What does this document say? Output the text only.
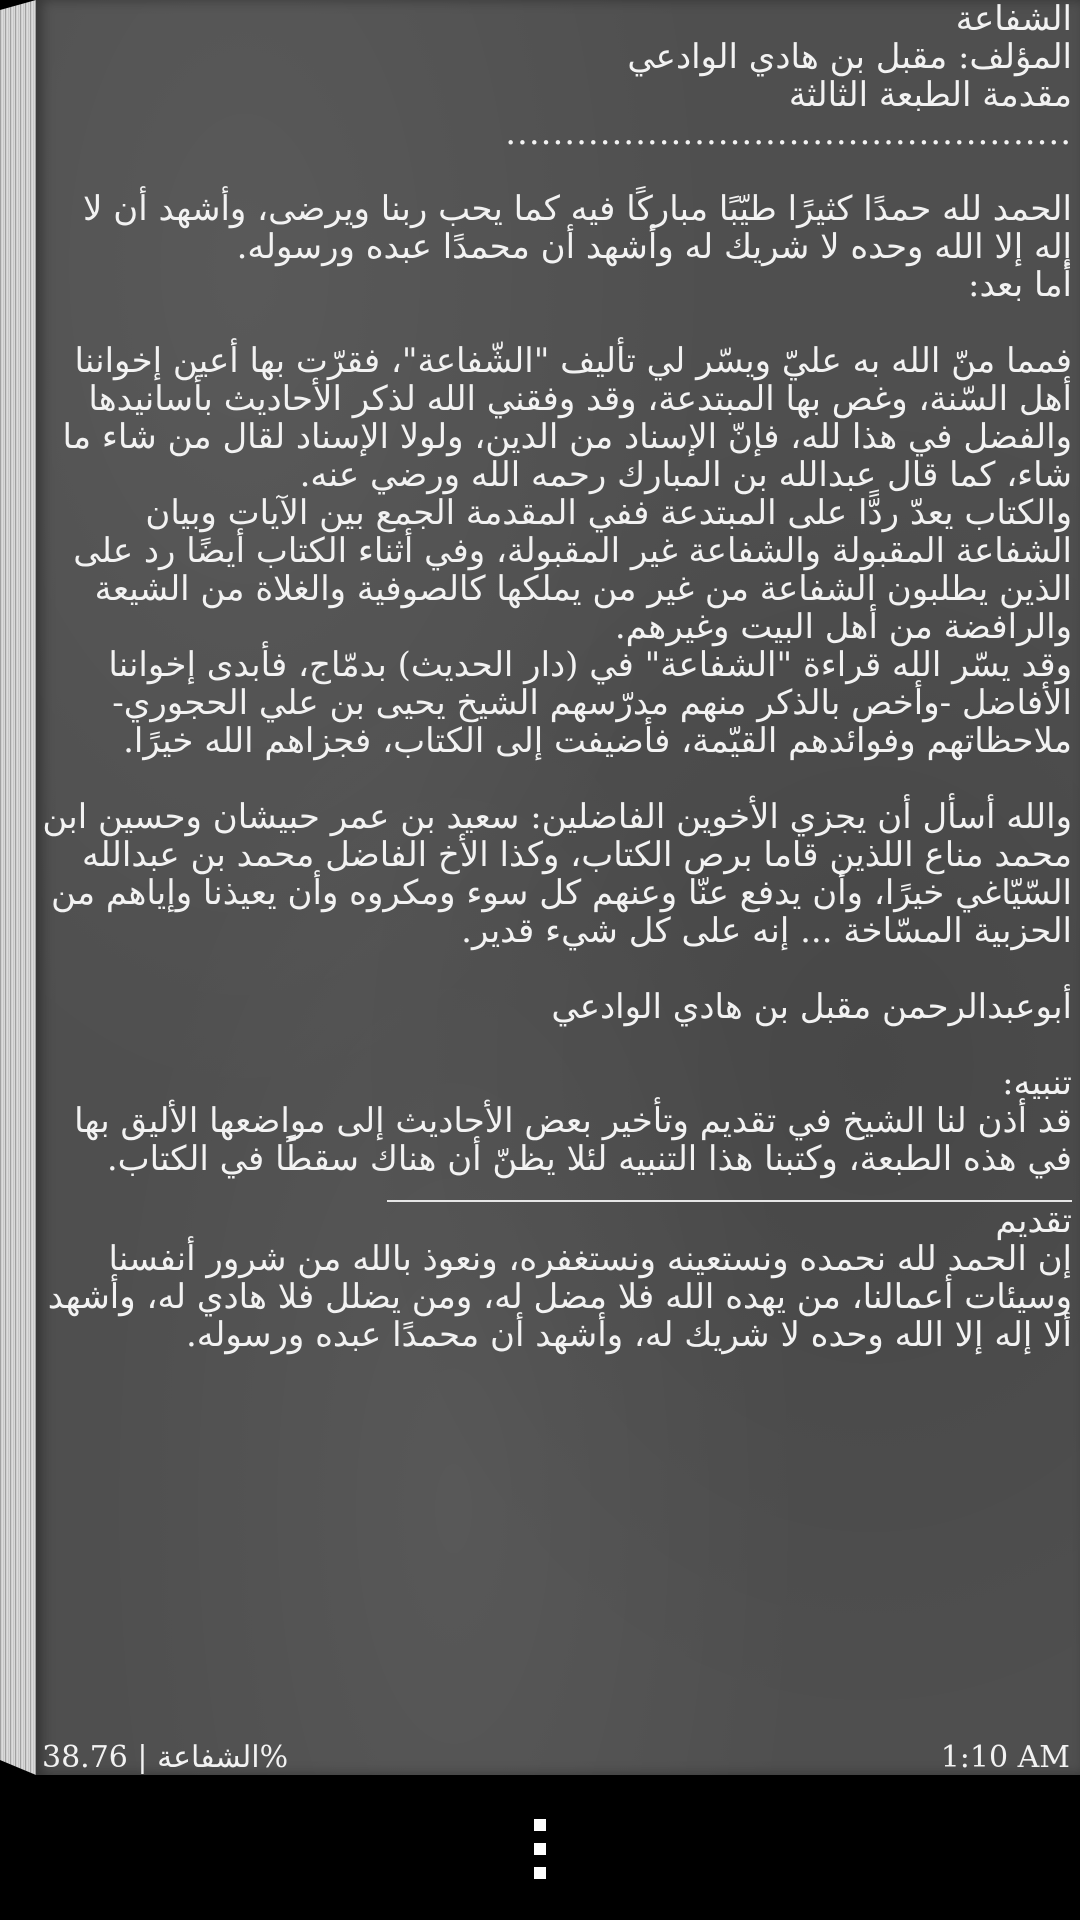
الشفاعة

المؤلف: مقبل بن هادي الوادعي

مقدمة الطبعة الثالثة

................................................

الحمد لله حمدًا كثيرًا طيّبًا مباركًا فيه كما يحب ربنا ويرضى، وأشهد أن لا إله إلا الله وحده لا شريك له وأشهد أن محمدًا عبده ورسوله.

أما بعد:

فمما منّ الله به عليّ ويسّر لي تأليف "الشّفاعة"، فقرّت بها أعين إخواننا أهل السّنة، وغص بها المبتدعة، وقد وفقني الله لذكر الأحاديث بأسانيدها والفضل في هذا لله، فإنّ الإسناد من الدين، ولولا الإسناد لقال من شاء ما شاء، كما قال عبدالله بن المبارك رحمه الله ورضي عنه.

والكتاب يعدّ ردًّا على المبتدعة ففي المقدمة الجمع بين الآيات وبيان الشفاعة المقبولة والشفاعة غير المقبولة، وفي أثناء الكتاب أيضًا رد على الذين يطلبون الشفاعة من غير من يملكها كالصوفية والغلاة من الشيعة والرافضة من أهل البيت وغيرهم.

وقد يسّر الله قراءة "الشفاعة" في (دار الحديث) بدمّاج، فأبدى إخواننا الأفاضل -وأخص بالذكر منهم مدرّسهم الشيخ يحيى بن علي الحجوري- ملاحظاتهم وفوائدهم القيّمة، فأضيفت إلى الكتاب، فجزاهم الله خيرًا.

والله أسأل أن يجزي الأخوين الفاضلين: سعيد بن عمر حبيشان وحسين ابن محمد مناع اللذين قاما برص الكتاب، وكذا الأخ الفاضل محمد بن عبدالله السّيّاغي خيرًا، وأن يدفع عنّا وعنهم كل سوء ومكروه وأن يعيذنا وإياهم من الحزبية المسّاخة ... إنه على كل شيء قدير.

أبوعبدالرحمن مقبل بن هادي الوادعي

تنبيه:

قد أذن لنا الشيخ في تقديم وتأخير بعض الأحاديث إلى مواضعها الأليق بها في هذه الطبعة، وكتبنا هذا التنبيه لئلا يظنّ أن هناك سقطًا في الكتاب.

تقديم

إن الحمد لله نحمده ونستعينه ونستغفره، ونعوذ بالله من شرور أنفسنا وسيئات أعمالنا، من يهده الله فلا مضل له، ومن يضلل فلا هادي له، وأشهد ألا إله إلا الله وحده لا شريك له، وأشهد أن محمدًا عبده ورسوله.

الشفاعة | 38.76%	1:10 AM
